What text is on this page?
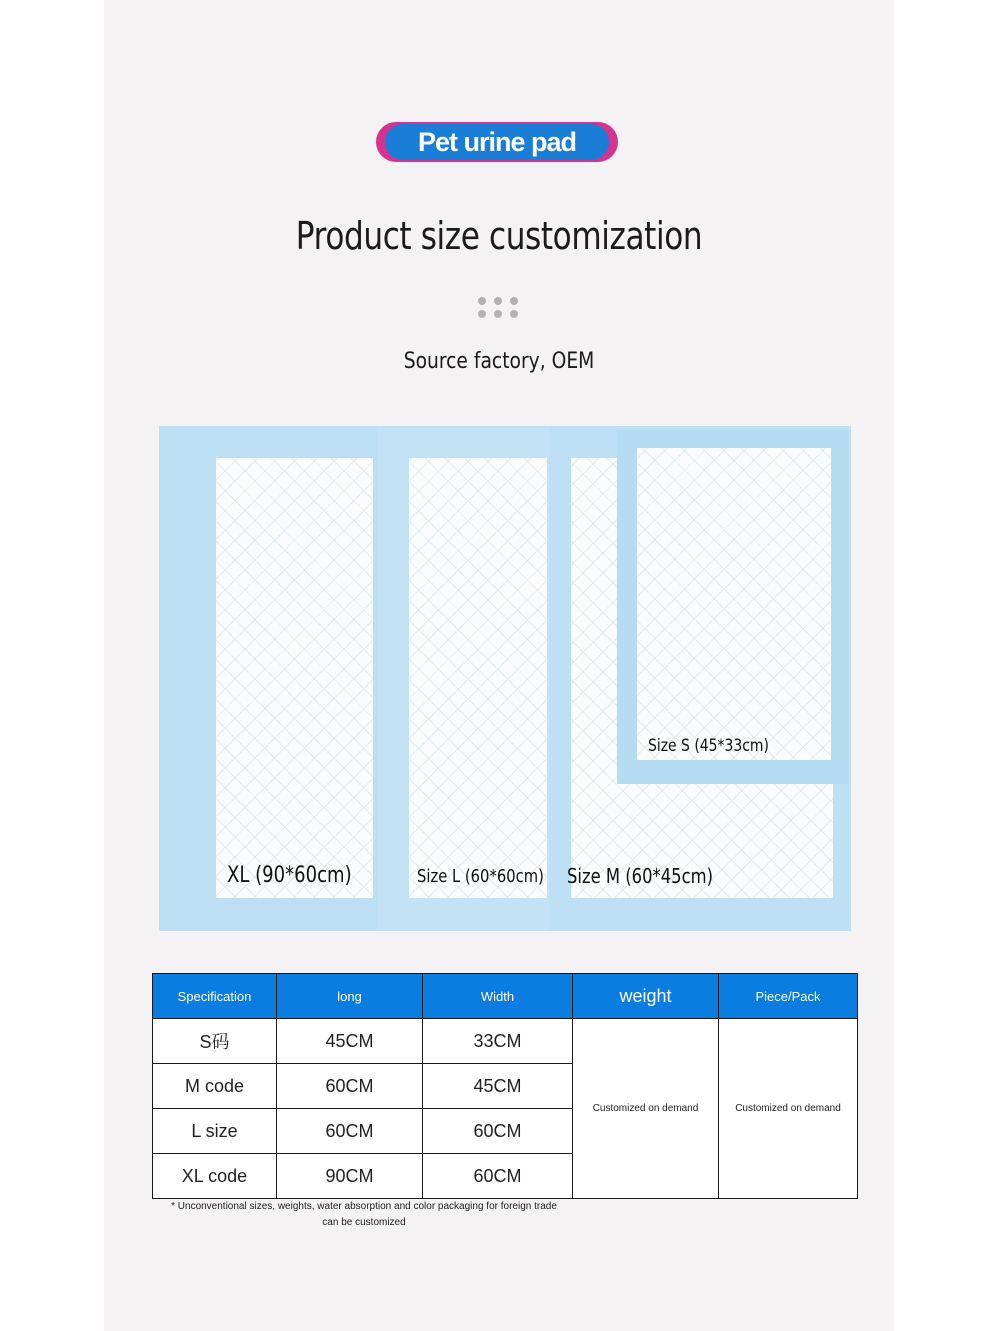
Pet urine pad
Product size customization
Source factory, OEM
XL (90*60cm)	Size L (60*60cm) Size M (60*45cm)
Size S (45*33cm)
Specification	long	Width	weight	Piece/Pack
S码	45CM	33CM	Customized on demand	Customized on demand
M code	60CM	45CM		
L size	60CM	60CM		
XL code	90CM	60CM		
* Unconventional sizes, weights, water absorption and color packaging for foreign trade can be customized
